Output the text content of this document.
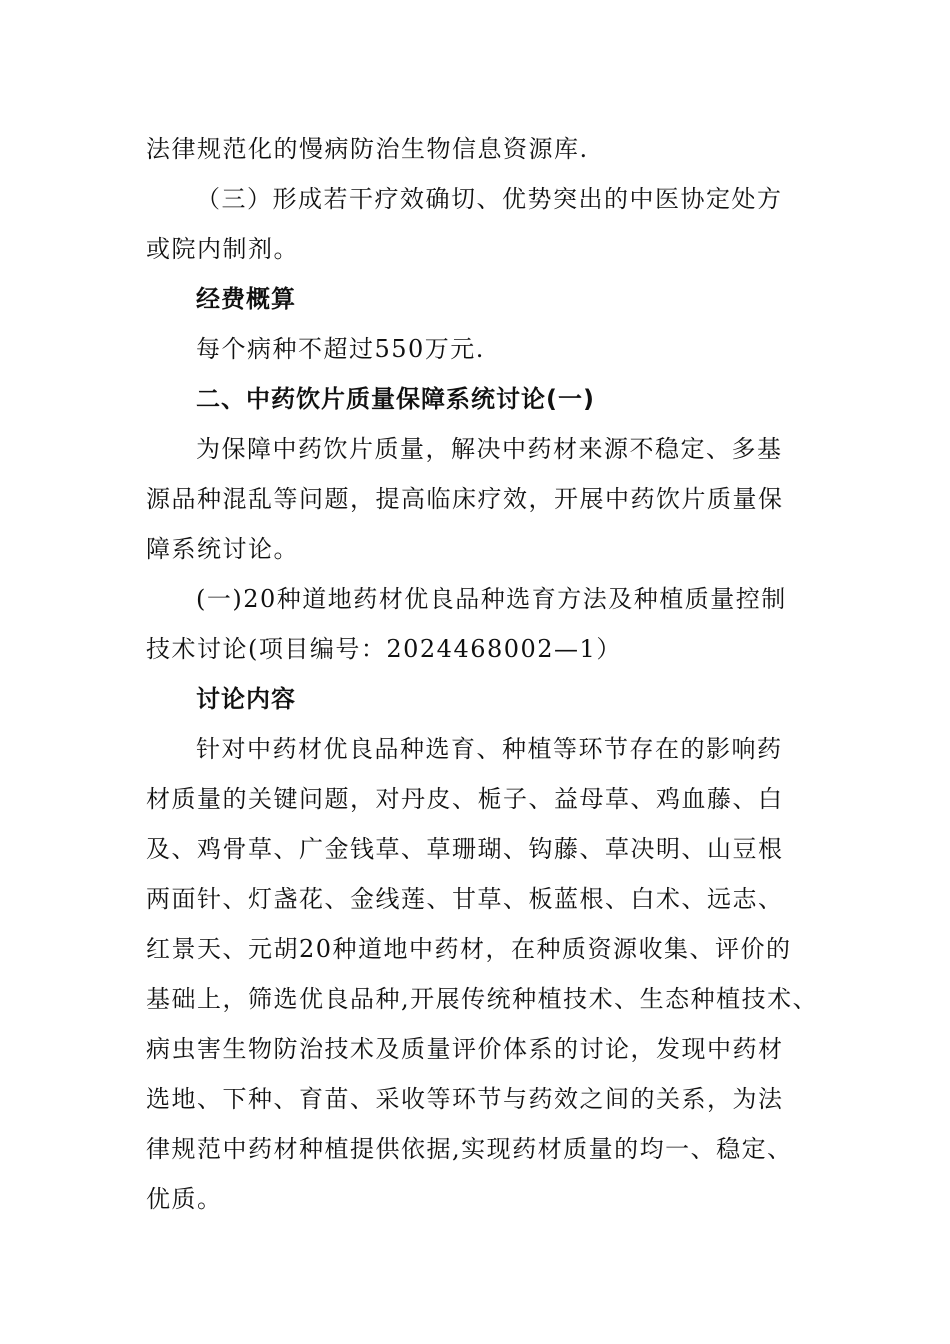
法律规范化的慢病防治生物信息资源库.
（三）形成若干疗效确切、优势突出的中医协定处方
或院内制剂。
经费概算
每个病种不超过550万元.
二、中药饮片质量保障系统讨论(一)
为保障中药饮片质量，解决中药材来源不稳定、多基
源品种混乱等问题，提高临床疗效，开展中药饮片质量保
障系统讨论。
(一)20种道地药材优良品种选育方法及种植质量控制
技术讨论(项目编号：2024468002—1）
讨论内容
针对中药材优良品种选育、种植等环节存在的影响药
材质量的关键问题，对丹皮、栀子、益母草、鸡血藤、白
及、鸡骨草、广金钱草、草珊瑚、钩藤、草决明、山豆根
两面针、灯盏花、金线莲、甘草、板蓝根、白术、远志、
红景天、元胡20种道地中药材，在种质资源收集、评价的
基础上，筛选优良品种,开展传统种植技术、生态种植技术、
病虫害生物防治技术及质量评价体系的讨论，发现中药材
选地、下种、育苗、采收等环节与药效之间的关系，为法
律规范中药材种植提供依据,实现药材质量的均一、稳定、
优质。
